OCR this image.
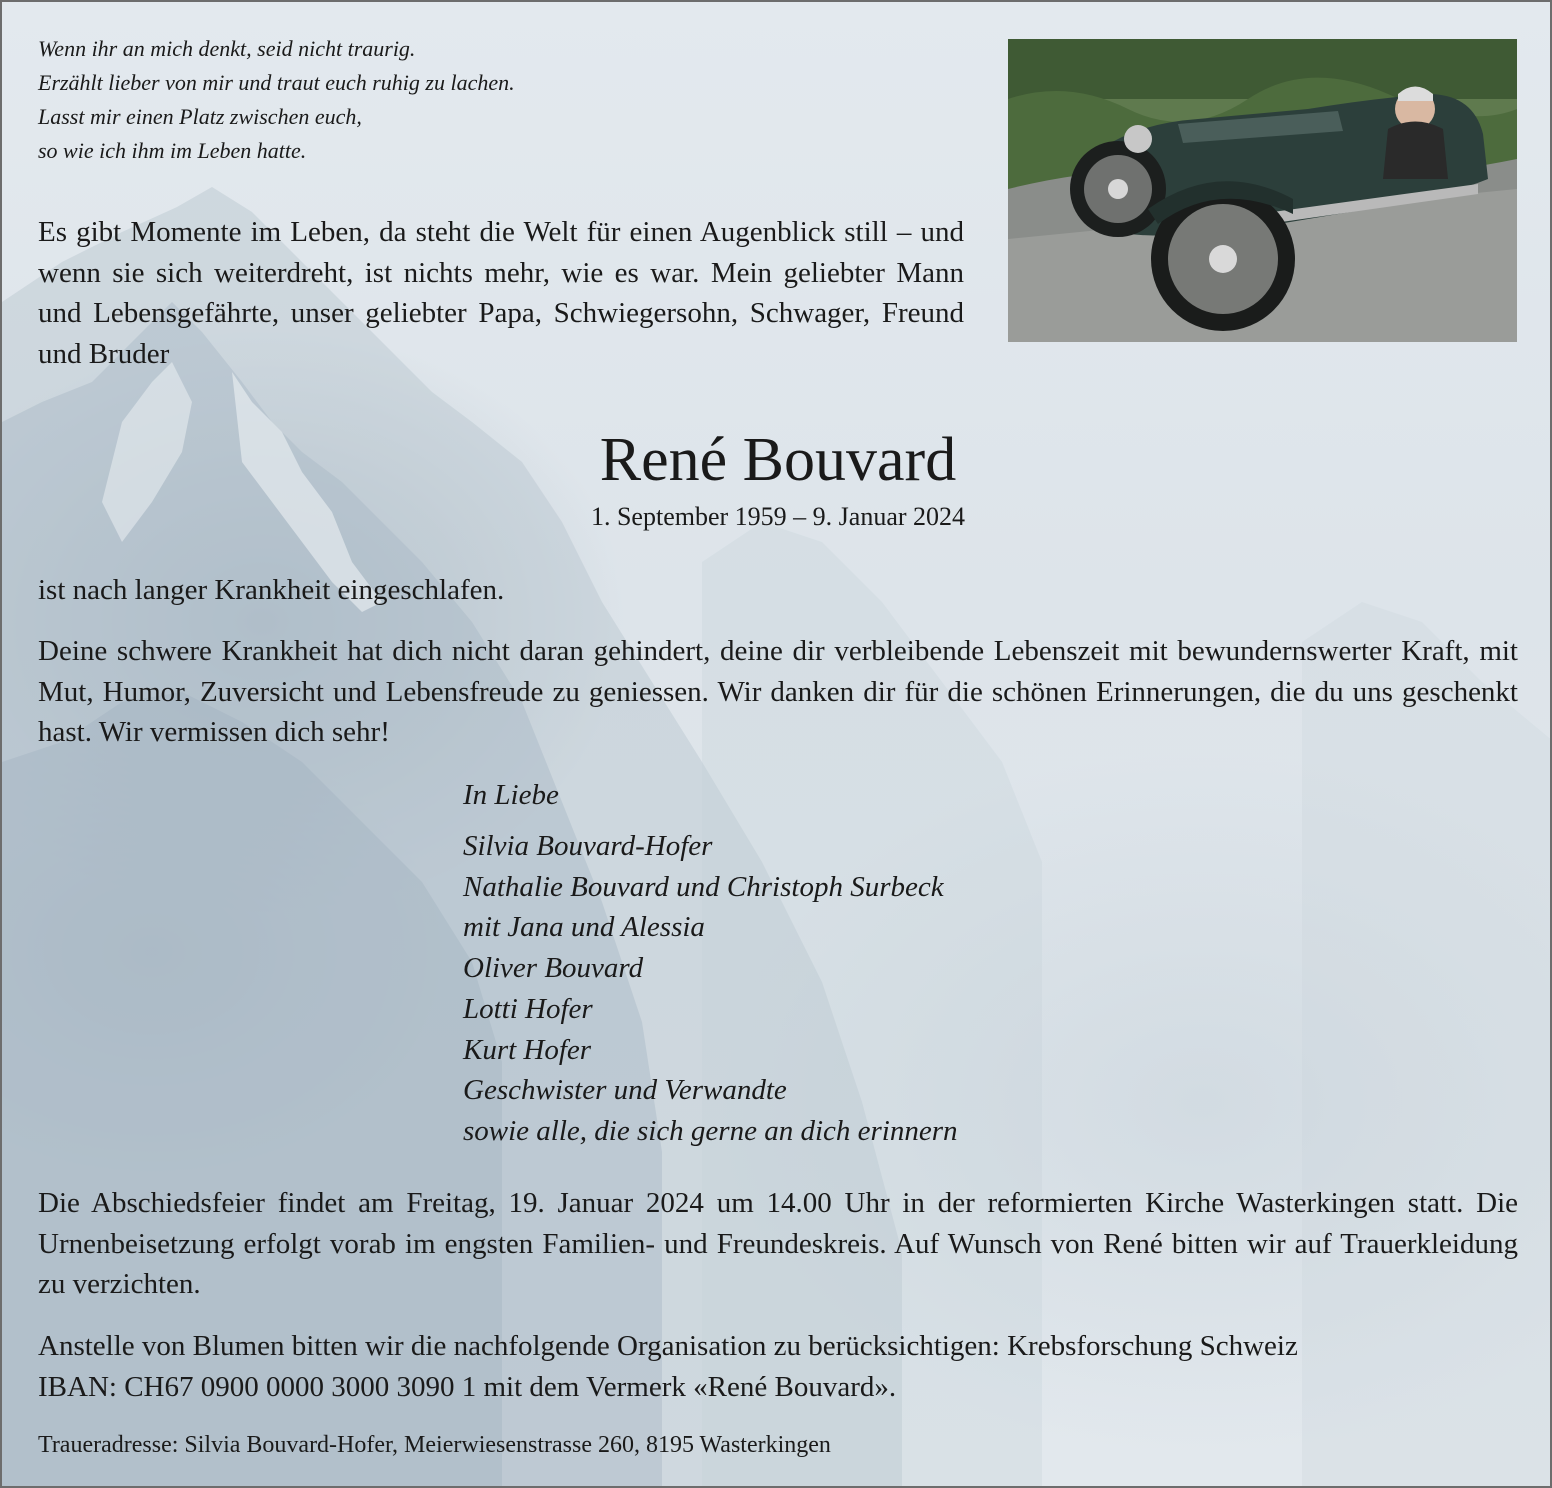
Wenn ihr an mich denkt, seid nicht traurig.
Erzählt lieber von mir und traut euch ruhig zu lachen.
Lasst mir einen Platz zwischen euch,
so wie ich ihm im Leben hatte.
Es gibt Momente im Leben, da steht die Welt für einen Augenblick still – und wenn sie sich weiterdreht, ist nichts mehr, wie es war. Mein geliebter Mann und Lebensgefährte, unser geliebter Papa, Schwiegersohn, Schwager, Freund und Bruder
René Bouvard
1. September 1959 – 9. Januar 2024
ist nach langer Krankheit eingeschlafen.
Deine schwere Krankheit hat dich nicht daran gehindert, deine dir verbleibende Lebenszeit mit bewundernswerter Kraft, mit Mut, Humor, Zuversicht und Lebensfreude zu geniessen. Wir danken dir für die schönen Erinnerungen, die du uns geschenkt hast. Wir vermissen dich sehr!
In Liebe
Silvia Bouvard-Hofer
Nathalie Bouvard und Christoph Surbeck
mit Jana und Alessia
Oliver Bouvard
Lotti Hofer
Kurt Hofer
Geschwister und Verwandte
sowie alle, die sich gerne an dich erinnern
Die Abschiedsfeier findet am Freitag, 19. Januar 2024 um 14.00 Uhr in der reformierten Kirche Wasterkingen statt. Die Urnenbeisetzung erfolgt vorab im engsten Familien- und Freundeskreis. Auf Wunsch von René bitten wir auf Trauerkleidung zu verzichten.
Anstelle von Blumen bitten wir die nachfolgende Organisation zu berücksichtigen: Krebsforschung Schweiz
IBAN: CH67 0900 0000 3000 3090 1 mit dem Vermerk «René Bouvard».
Traueradresse: Silvia Bouvard-Hofer, Meierwiesenstrasse 260, 8195 Wasterkingen
